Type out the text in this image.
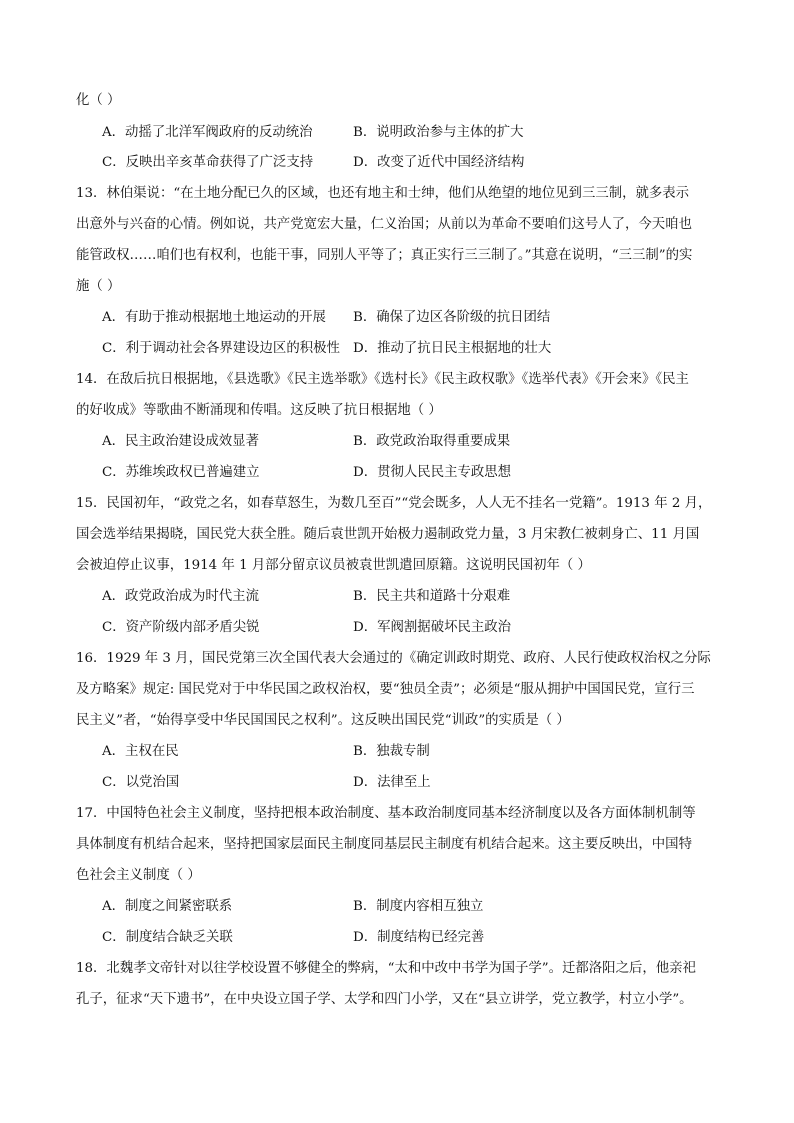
化（ ）
A．动摇了北洋军阀政府的反动统治	B．说明政治参与主体的扩大
C．反映出辛亥革命获得了广泛支持	D．改变了近代中国经济结构
13．林伯渠说：“在土地分配已久的区域，也还有地主和士绅，他们从绝望的地位见到三三制，就多表示
出意外与兴奋的心情。例如说，共产党宽宏大量，仁义治国；从前以为革命不要咱们这号人了，今天咱也
能管政权……咱们也有权利，也能干事，同别人平等了；真正实行三三制了。”其意在说明，“三三制”的实
施（ ）
A．有助于推动根据地土地运动的开展 B．确保了边区各阶级的抗日团结
C．利于调动社会各界建设边区的积极性 D．推动了抗日民主根据地的壮大
14．在敌后抗日根据地，《县选歌》《民主选举歌》《选村长》《民主政权歌》《选举代表》《开会来》《民主
的好收成》等歌曲不断涌现和传唱。这反映了抗日根据地（ ）
A．民主政治建设成效显著	B．政党政治取得重要成果
C．苏维埃政权已普遍建立	D．贯彻人民民主专政思想
15．民国初年，“政党之名，如春草怒生，为数几至百”“党会既多，人人无不挂名一党籍”。1913 年 2 月，
国会选举结果揭晓，国民党大获全胜。随后袁世凯开始极力遏制政党力量，3 月宋教仁被刺身亡、11 月国
会被迫停止议事，1914 年 1 月部分留京议员被袁世凯遣回原籍。这说明民国初年（ ）
A．政党政治成为时代主流	B．民主共和道路十分艰难
C．资产阶级内部矛盾尖锐	D．军阀割据破坏民主政治
16．1929 年 3 月，国民党第三次全国代表大会通过的《确定训政时期党、政府、人民行使政权治权之分际
及方略案》规定: 国民党对于中华民国之政权治权，要“独员全责”；必须是“服从拥护中国国民党，宣行三
民主义”者，“始得享受中华民国国民之权利”。这反映出国民党“训政”的实质是（ ）
A．主权在民	B．独裁专制
C．以党治国	D．法律至上
17．中国特色社会主义制度，坚持把根本政治制度、基本政治制度同基本经济制度以及各方面体制机制等
具体制度有机结合起来，坚持把国家层面民主制度同基层民主制度有机结合起来。这主要反映出，中国特
色社会主义制度（ ）
A．制度之间紧密联系	B．制度内容相互独立
C．制度结合缺乏关联	D．制度结构已经完善
18．北魏孝文帝针对以往学校设置不够健全的弊病，“太和中改中书学为国子学”。迁都洛阳之后，他亲祀
孔子，征求“天下遗书”，在中央设立国子学、太学和四门小学，又在“县立讲学，党立教学，村立小学”。
